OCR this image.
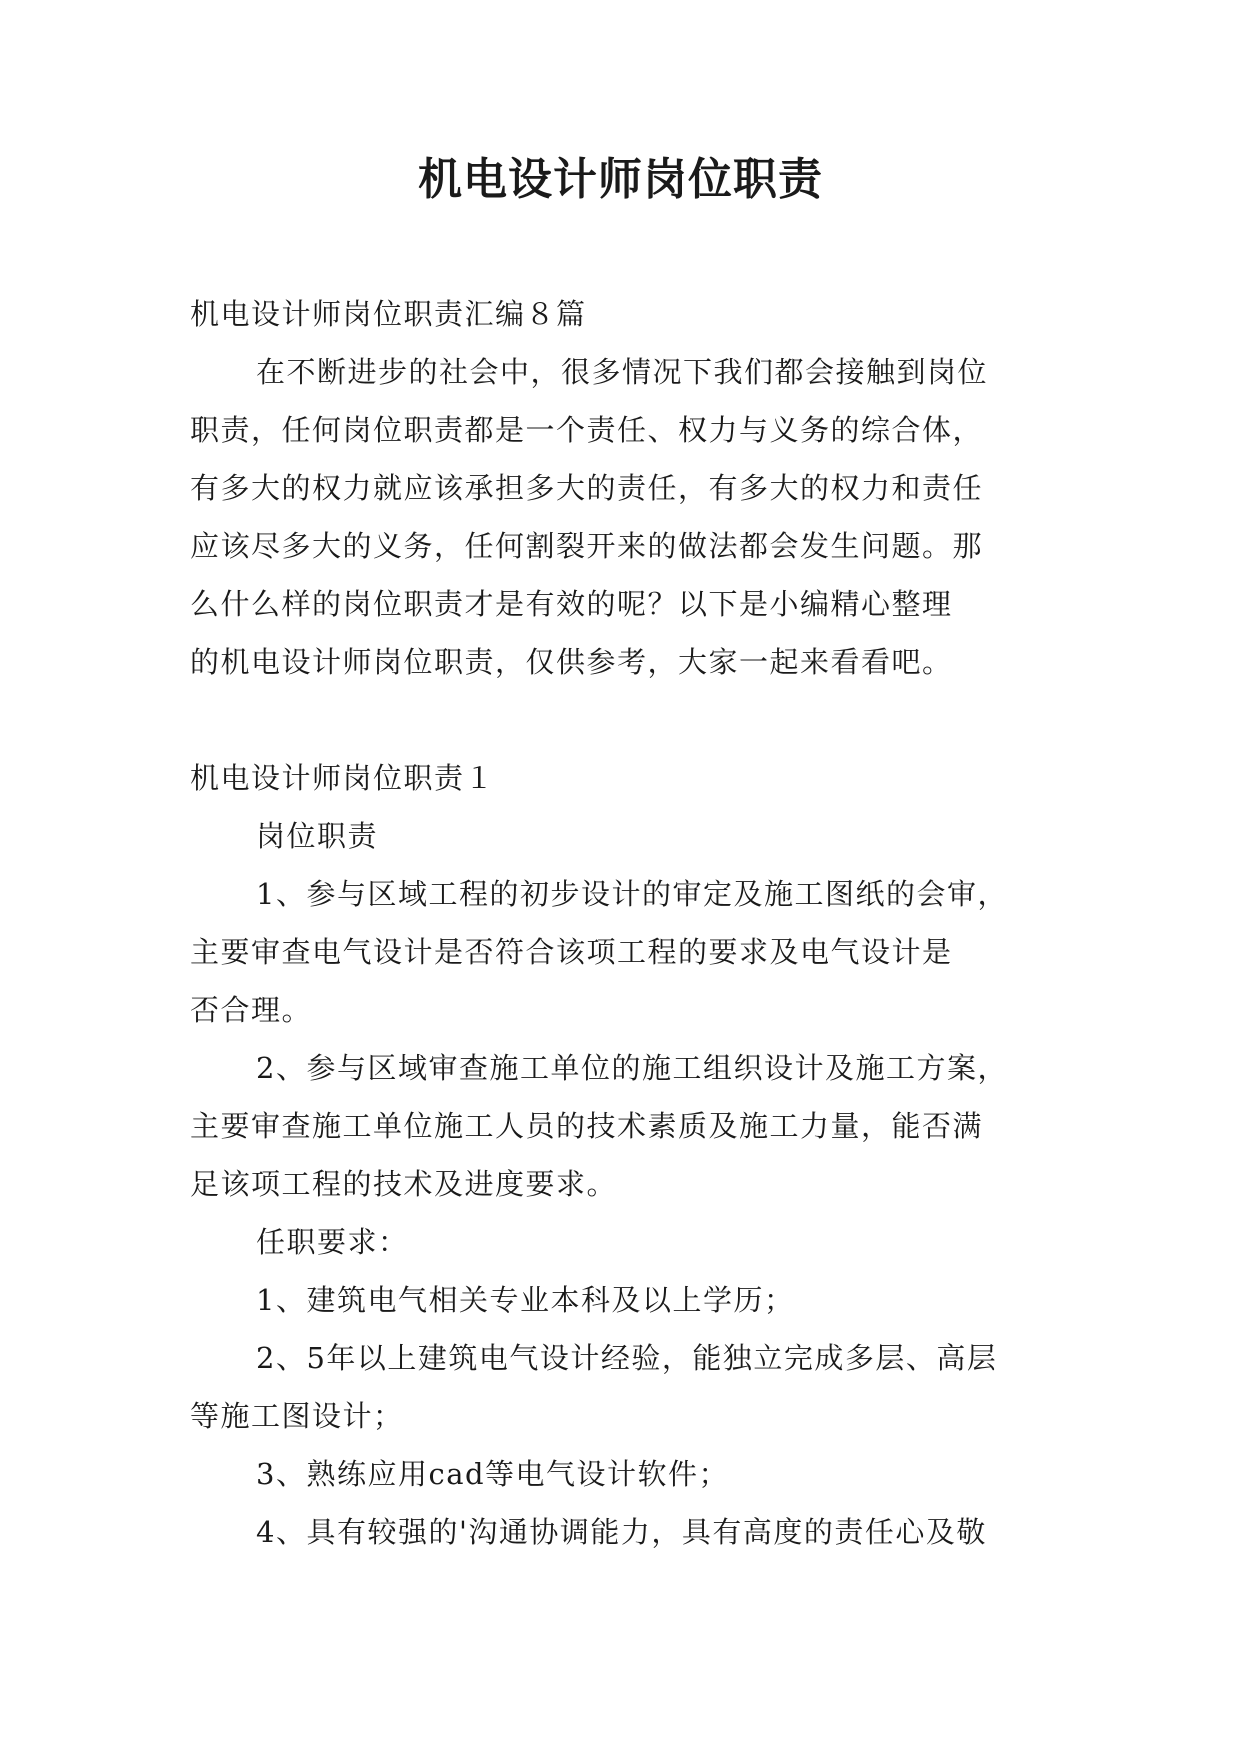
机电设计师岗位职责
机电设计师岗位职责汇编８篇
在不断进步的社会中，很多情况下我们都会接触到岗位
职责，任何岗位职责都是一个责任、权力与义务的综合体，
有多大的权力就应该承担多大的责任，有多大的权力和责任
应该尽多大的义务，任何割裂开来的做法都会发生问题。那
么什么样的岗位职责才是有效的呢？以下是小编精心整理
的机电设计师岗位职责，仅供参考，大家一起来看看吧。
机电设计师岗位职责１
岗位职责
1、参与区域工程的初步设计的审定及施工图纸的会审，
主要审查电气设计是否符合该项工程的要求及电气设计是
否合理。
2、参与区域审查施工单位的施工组织设计及施工方案，
主要审查施工单位施工人员的技术素质及施工力量，能否满
足该项工程的技术及进度要求。
任职要求：
1、建筑电气相关专业本科及以上学历；
2、5年以上建筑电气设计经验，能独立完成多层、高层
等施工图设计；
3、熟练应用cad等电气设计软件；
4、具有较强的'沟通协调能力，具有高度的责任心及敬
